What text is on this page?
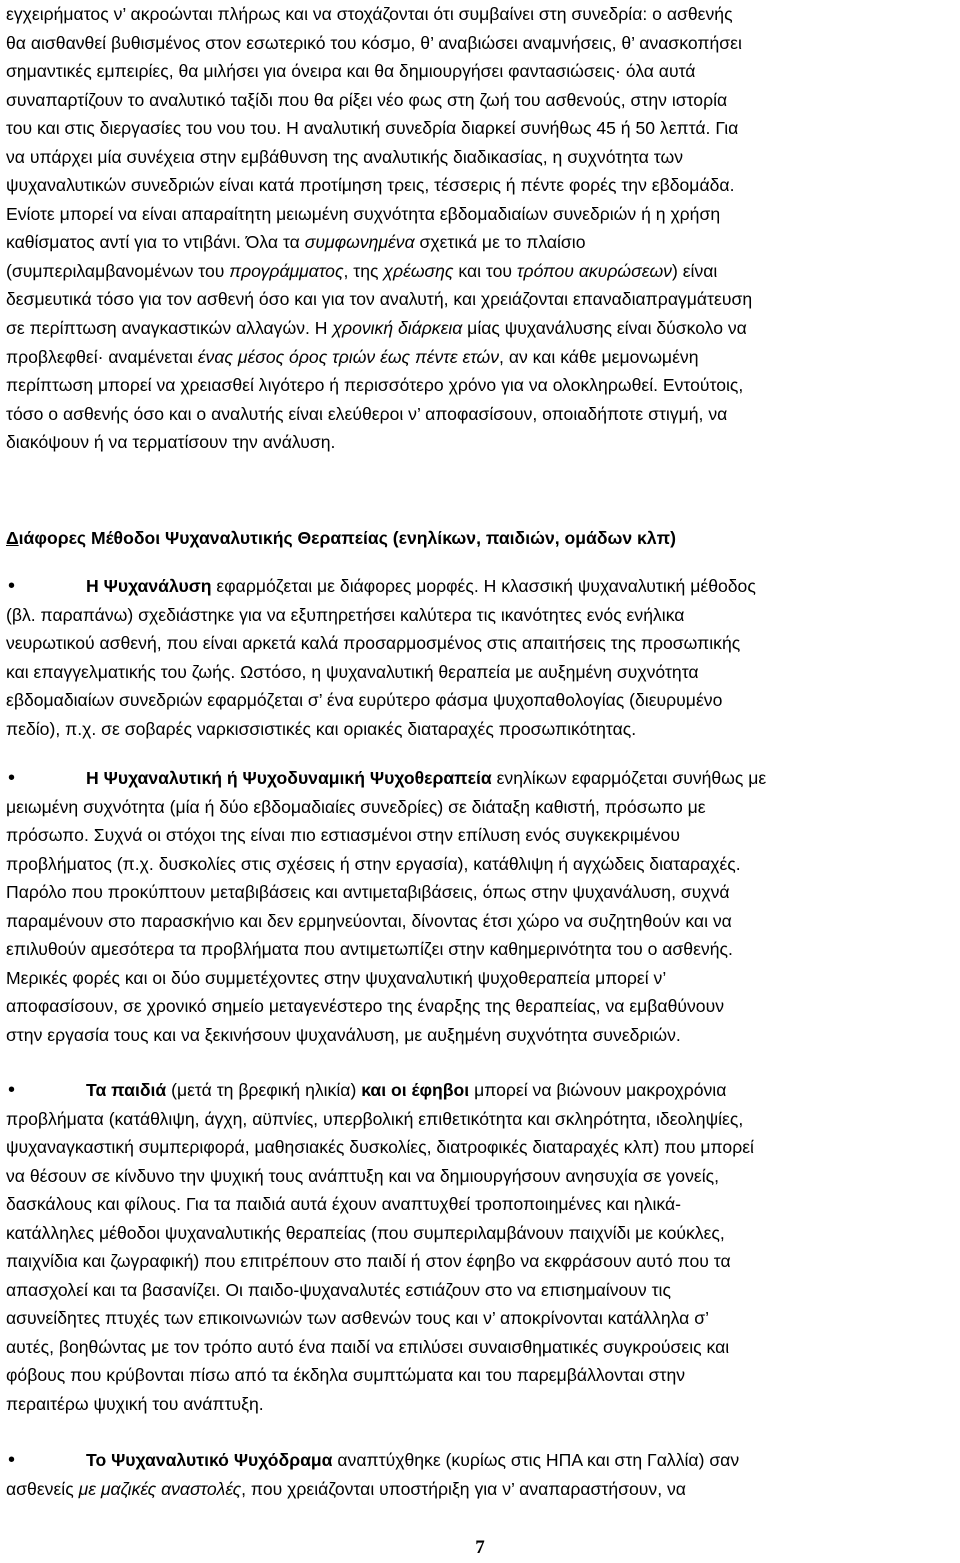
εγχειρήματος ν’ ακροώνται πλήρως και να στοχάζονται ότι συμβαίνει στη συνεδρία: ο ασθενής
θα αισθανθεί βυθισμένος στον εσωτερικό του κόσμο, θ’ αναβιώσει αναμνήσεις, θ’ ανασκοπήσει
σημαντικές εμπειρίες, θα μιλήσει για όνειρα και θα δημιουργήσει φαντασιώσεις· όλα αυτά
συναπαρτίζουν το αναλυτικό ταξίδι που θα ρίξει νέο φως στη ζωή του ασθενούς, στην ιστορία
του και στις διεργασίες του νου του. Η αναλυτική συνεδρία διαρκεί συνήθως 45 ή 50 λεπτά. Για
να υπάρχει μία συνέχεια στην εμβάθυνση της αναλυτικής διαδικασίας, η συχνότητα των
ψυχαναλυτικών συνεδριών είναι κατά προτίμηση τρεις, τέσσερις ή πέντε φορές την εβδομάδα.
Ενίοτε μπορεί να είναι απαραίτητη μειωμένη συχνότητα εβδομαδιαίων συνεδριών ή η χρήση
καθίσματος αντί για το ντιβάνι. Όλα τα συμφωνημένα σχετικά με το πλαίσιο
(συμπεριλαμβανομένων του προγράμματος, της χρέωσης και του τρόπου ακυρώσεων) είναι
δεσμευτικά τόσο για τον ασθενή όσο και για τον αναλυτή, και χρειάζονται επαναδιαπραγμάτευση
σε περίπτωση αναγκαστικών αλλαγών. Η χρονική διάρκεια μίας ψυχανάλυσης είναι δύσκολο να
προβλεφθεί· αναμένεται ένας μέσος όρος τριών έως πέντε ετών, αν και κάθε μεμονωμένη
περίπτωση μπορεί να χρειασθεί λιγότερο ή περισσότερο χρόνο για να ολοκληρωθεί. Εντούτοις,
τόσο ο ασθενής όσο και ο αναλυτής είναι ελεύθεροι ν’ αποφασίσουν, οποιαδήποτε στιγμή, να
διακόψουν ή να τερματίσουν την ανάλυση.
Διάφορες Μέθοδοι Ψυχαναλυτικής Θεραπείας (ενηλίκων, παιδιών, ομάδων κλπ)
•Η Ψυχανάλυση εφαρμόζεται με διάφορες μορφές. Η κλασσική ψυχαναλυτική μέθοδος
(βλ. παραπάνω) σχεδιάστηκε για να εξυπηρετήσει καλύτερα τις ικανότητες ενός ενήλικα
νευρωτικού ασθενή, που είναι αρκετά καλά προσαρμοσμένος στις απαιτήσεις της προσωπικής
και επαγγελματικής του ζωής. Ωστόσο, η ψυχαναλυτική θεραπεία με αυξημένη συχνότητα
εβδομαδιαίων συνεδριών εφαρμόζεται σ’ ένα ευρύτερο φάσμα ψυχοπαθολογίας (διευρυμένο
πεδίο), π.χ. σε σοβαρές ναρκισσιστικές και οριακές διαταραχές προσωπικότητας.
•Η Ψυχαναλυτική ή Ψυχοδυναμική Ψυχοθεραπεία ενηλίκων εφαρμόζεται συνήθως με
μειωμένη συχνότητα (μία ή δύο εβδομαδιαίες συνεδρίες) σε διάταξη καθιστή, πρόσωπο με
πρόσωπο. Συχνά οι στόχοι της είναι πιο εστιασμένοι στην επίλυση ενός συγκεκριμένου
προβλήματος (π.χ. δυσκολίες στις σχέσεις ή στην εργασία), κατάθλιψη ή αγχώδεις διαταραχές.
Παρόλο που προκύπτουν μεταβιβάσεις και αντιμεταβιβάσεις, όπως στην ψυχανάλυση, συχνά
παραμένουν στο παρασκήνιο και δεν ερμηνεύονται, δίνοντας έτσι χώρο να συζητηθούν και να
επιλυθούν αμεσότερα τα προβλήματα που αντιμετωπίζει στην καθημερινότητα του ο ασθενής.
Μερικές φορές και οι δύο συμμετέχοντες στην ψυχαναλυτική ψυχοθεραπεία μπορεί ν’
αποφασίσουν, σε χρονικό σημείο μεταγενέστερο της έναρξης της θεραπείας, να εμβαθύνουν
στην εργασία τους και να ξεκινήσουν ψυχανάλυση, με αυξημένη συχνότητα συνεδριών.
•Τα παιδιά (μετά τη βρεφική ηλικία) και οι έφηβοι μπορεί να βιώνουν μακροχρόνια
προβλήματα (κατάθλιψη, άγχη, αϋπνίες, υπερβολική επιθετικότητα και σκληρότητα, ιδεοληψίες,
ψυχαναγκαστική συμπεριφορά, μαθησιακές δυσκολίες, διατροφικές διαταραχές κλπ) που μπορεί
να θέσουν σε κίνδυνο την ψυχική τους ανάπτυξη και να δημιουργήσουν ανησυχία σε γονείς,
δασκάλους και φίλους. Για τα παιδιά αυτά έχουν αναπτυχθεί τροποποιημένες και ηλικά-
κατάλληλες μέθοδοι ψυχαναλυτικής θεραπείας (που συμπεριλαμβάνουν παιχνίδι με κούκλες,
παιχνίδια και ζωγραφική) που επιτρέπουν στο παιδί ή στον έφηβο να εκφράσουν αυτό που τα
απασχολεί και τα βασανίζει. Οι παιδο-ψυχαναλυτές εστιάζουν στο να επισημαίνουν τις
ασυνείδητες πτυχές των επικοινωνιών των ασθενών τους και ν’ αποκρίνονται κατάλληλα σ’
αυτές, βοηθώντας με τον τρόπο αυτό ένα παιδί να επιλύσει συναισθηματικές συγκρούσεις και
φόβους που κρύβονται πίσω από τα έκδηλα συμπτώματα και του παρεμβάλλονται στην
περαιτέρω ψυχική του ανάπτυξη.
•Το Ψυχαναλυτικό Ψυχόδραμα αναπτύχθηκε (κυρίως στις ΗΠΑ και στη Γαλλία) σαν
ασθενείς με μαζικές αναστολές, που χρειάζονται υποστήριξη για ν’ αναπαραστήσουν, να
7
